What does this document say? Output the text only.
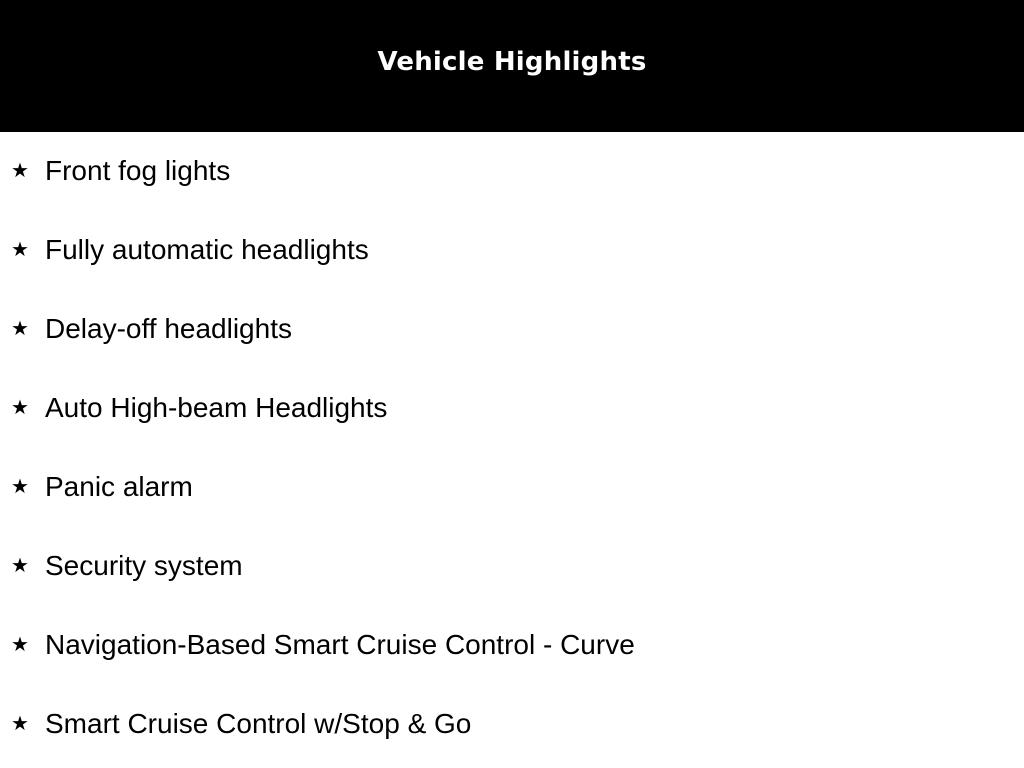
Vehicle Highlights
★ Front fog lights
★ Fully automatic headlights
★ Delay-off headlights
★ Auto High-beam Headlights
★ Panic alarm
★ Security system
★ Navigation-Based Smart Cruise Control - Curve
★ Smart Cruise Control w/Stop & Go
